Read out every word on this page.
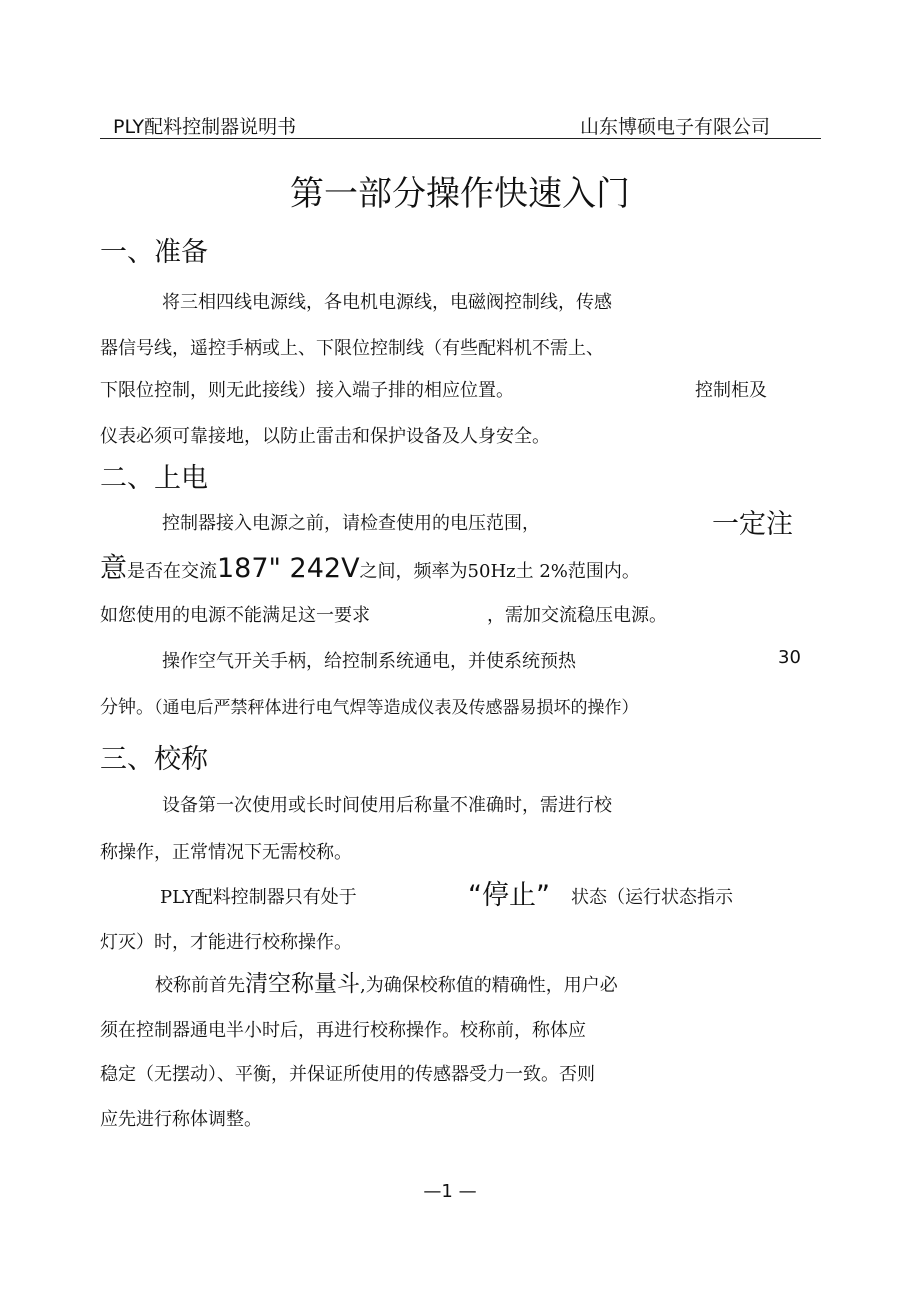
PLY配料控制器说明书	山东博硕电子有限公司
第一部分操作快速入门
一、准备
将三相四线电源线，各电机电源线，电磁阀控制线，传感
器信号线，遥控手柄或上、下限位控制线（有些配料机不需上、
下限位控制，则无此接线）接入端子排的相应位置。	控制柜及
仪表必须可靠接地，以防止雷击和保护设备及人身安全。
二、上电
控制器接入电源之前，请检查使用的电压范围，	一定注
意是否在交流187" 242V之间，频率为50Hz土 2%范围内。
如您使用的电源不能满足这一要求	，需加交流稳压电源。
操作空气开关手柄，给控制系统通电，并使系统预热	30
分钟。（通电后严禁秤体进行电气焊等造成仪表及传感器易损坏的操作）
三、校称
设备第一次使用或长时间使用后称量不准确时，需进行校
称操作，正常情况下无需校称。
PLY配料控制器只有处于	“停止” 状态（运行状态指示
灯灭）时，才能进行校称操作。
校称前首先清空称量斗,为确保校称值的精确性，用户必
须在控制器通电半小时后，再进行校称操作。校称前，称体应
稳定（无摆动）、平衡，并保证所使用的传感器受力一致。否则
应先进行称体调整。
—1 —
